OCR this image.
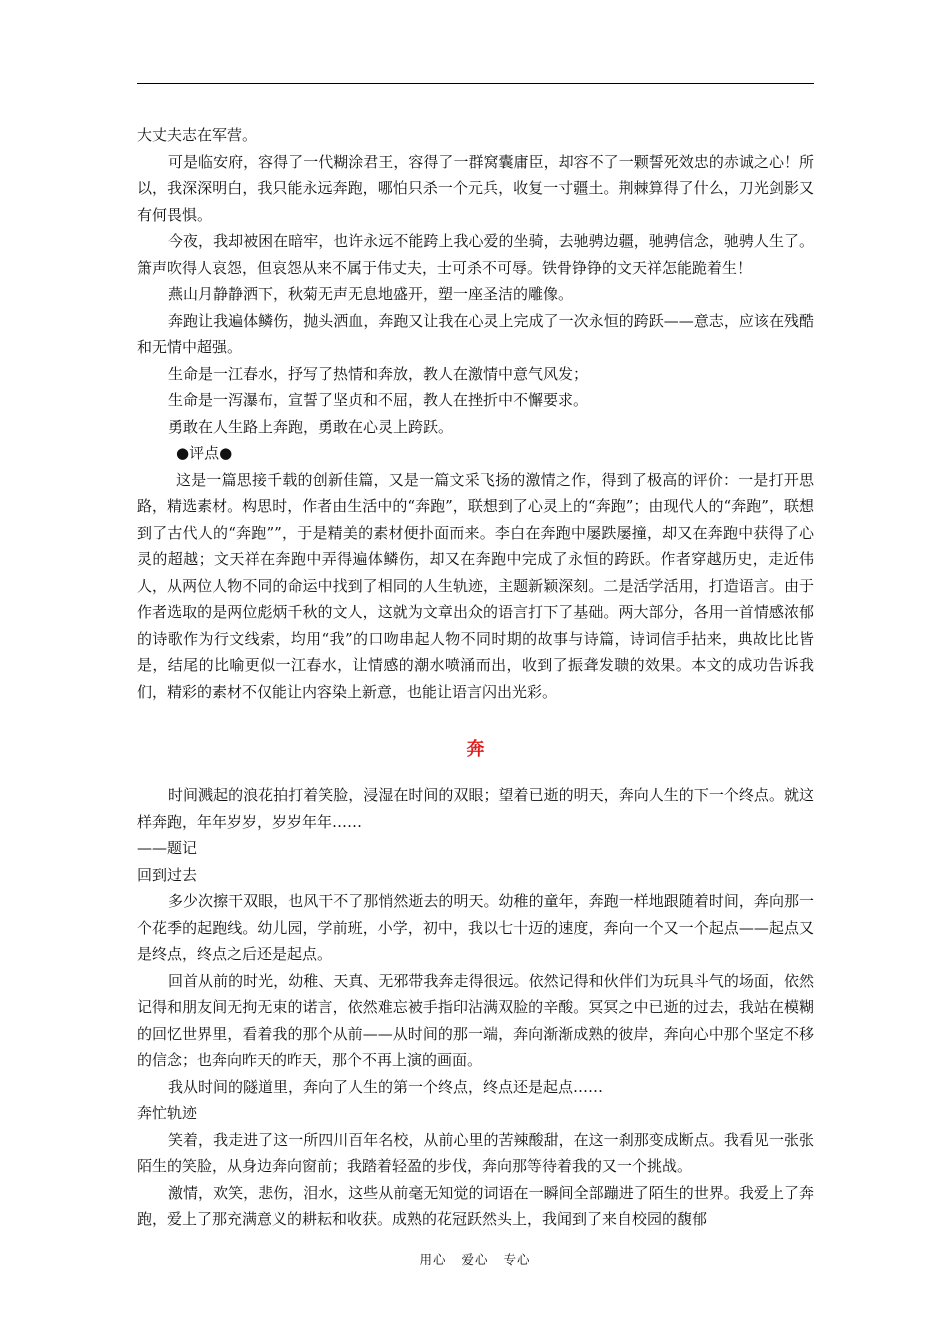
大丈夫志在军营。

可是临安府，容得了一代糊涂君王，容得了一群窝囊庸臣，却容不了一颗誓死效忠的赤诚之心！所以，我深深明白，我只能永远奔跑，哪怕只杀一个元兵，收复一寸疆土。荆棘算得了什么，刀光剑影又有何畏惧。

今夜，我却被困在暗牢，也许永远不能跨上我心爱的坐骑，去驰骋边疆，驰骋信念，驰骋人生了。箫声吹得人哀怨，但哀怨从来不属于伟丈夫，士可杀不可辱。铁骨铮铮的文天祥怎能跪着生！

燕山月静静洒下，秋菊无声无息地盛开，塑一座圣洁的雕像。

奔跑让我遍体鳞伤，抛头洒血，奔跑又让我在心灵上完成了一次永恒的跨跃——意志，应该在残酷和无情中超强。

生命是一江春水，抒写了热情和奔放，教人在激情中意气风发；

生命是一泻瀑布，宣誓了坚贞和不屈，教人在挫折中不懈要求。

勇敢在人生路上奔跑，勇敢在心灵上跨跃。

●评点●

这是一篇思接千载的创新佳篇，又是一篇文采飞扬的激情之作，得到了极高的评价：一是打开思路，精选素材。构思时，作者由生活中的“奔跑”，联想到了心灵上的“奔跑”；由现代人的“奔跑”，联想到了古代人的“奔跑””，于是精美的素材便扑面而来。李白在奔跑中屡跌屡撞，却又在奔跑中获得了心灵的超越；文天祥在奔跑中弄得遍体鳞伤，却又在奔跑中完成了永恒的跨跃。作者穿越历史，走近伟人，从两位人物不同的命运中找到了相同的人生轨迹，主题新颖深刻。二是活学活用，打造语言。由于作者选取的是两位彪炳千秋的文人，这就为文章出众的语言打下了基础。两大部分，各用一首情感浓郁的诗歌作为行文线索，均用“我”的口吻串起人物不同时期的故事与诗篇，诗词信手拈来，典故比比皆是，结尾的比喻更似一江春水，让情感的潮水喷涌而出，收到了振聋发聩的效果。本文的成功告诉我们，精彩的素材不仅能让内容染上新意，也能让语言闪出光彩。

奔

时间溅起的浪花拍打着笑脸，浸湿在时间的双眼；望着已逝的明天，奔向人生的下一个终点。就这样奔跑，年年岁岁，岁岁年年……

——题记

回到过去

多少次擦干双眼，也风干不了那悄然逝去的明天。幼稚的童年，奔跑一样地跟随着时间，奔向那一个花季的起跑线。幼儿园，学前班，小学，初中，我以七十迈的速度，奔向一个又一个起点——起点又是终点，终点之后还是起点。

回首从前的时光，幼稚、天真、无邪带我奔走得很远。依然记得和伙伴们为玩具斗气的场面，依然记得和朋友间无拘无束的诺言，依然难忘被手指印沾满双脸的辛酸。冥冥之中已逝的过去，我站在模糊的回忆世界里，看着我的那个从前——从时间的那一端，奔向渐渐成熟的彼岸，奔向心中那个坚定不移的信念；也奔向昨天的昨天，那个不再上演的画面。

我从时间的隧道里，奔向了人生的第一个终点，终点还是起点……

奔忙轨迹

笑着，我走进了这一所四川百年名校，从前心里的苦辣酸甜，在这一刹那变成断点。我看见一张张陌生的笑脸，从身边奔向窗前；我踏着轻盈的步伐，奔向那等待着我的又一个挑战。

激情，欢笑，悲伤，泪水，这些从前毫无知觉的词语在一瞬间全部蹦进了陌生的世界。我爱上了奔跑，爱上了那充满意义的耕耘和收获。成熟的花冠跃然头上，我闻到了来自校园的馥郁

用心 爱心 专心
